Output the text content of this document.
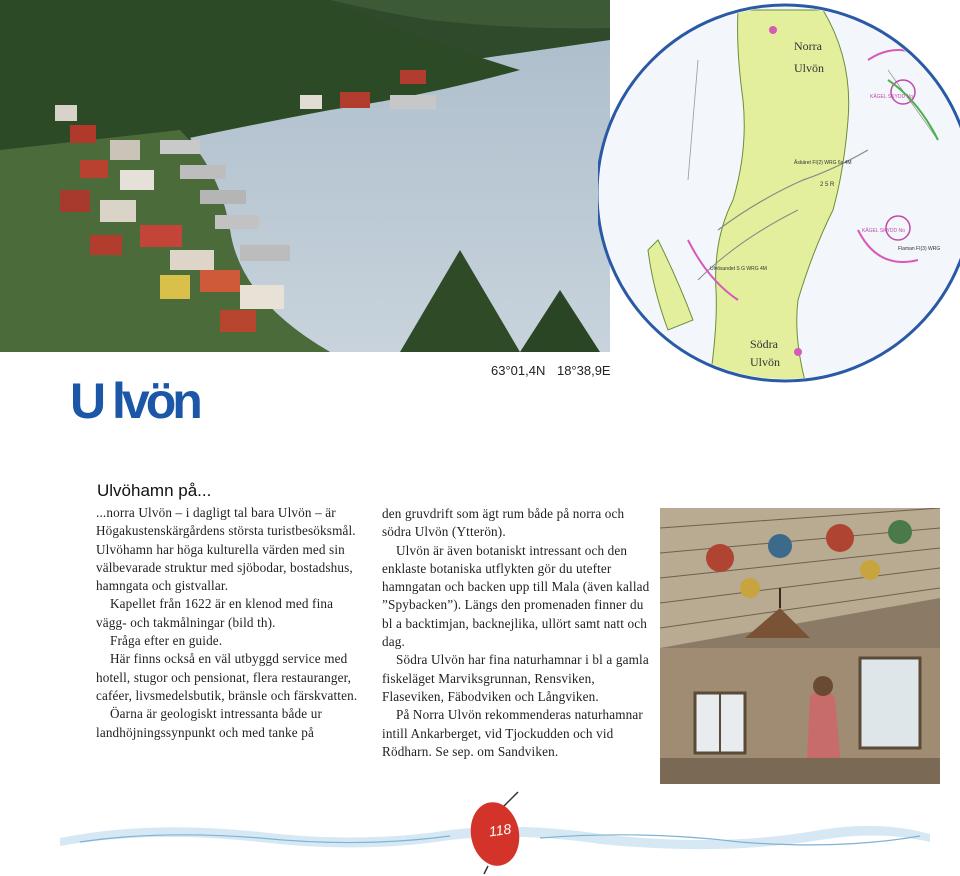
Norra
Ulvön
Södra
Ulvön
KÄGEL SKYDD No
KÄGEL SKYDD No
Åskäret FI(2) WRG 6s 4M
Ulvösundet S G WRG 4M
2 5 R
Flaman FI(3) WRG
63°01,4N 18°38,9E
U lvön
Ulvöhamn på...

...norra Ulvön – i dagligt tal bara Ulvön – är Högakustenskärgårdens största turistbesöksmål. Ulvöhamn har höga kulturella värden med sin välbevarade struktur med sjöbodar, bostadshus, hamngata och gistvallar.

Kapellet från 1622 är en klenod med fina vägg- och takmålningar (bild th).

Fråga efter en guide.

Här finns också en väl utbyggd service med hotell, stugor och pensionat, flera restauranger, caféer, livsmedelsbutik, bränsle och färskvatten.

Öarna är geologiskt intressanta både ur landhöjningssynpunkt och med tanke på

den gruvdrift som ägt rum både på norra och södra Ulvön (Ytterön).

Ulvön är även botaniskt intressant och den enklaste botaniska utflykten gör du utefter hamngatan och backen upp till Mala (även kallad ”Spybacken”). Längs den promenaden finner du bl a backtimjan, backnejlika, ullört samt natt och dag.

Södra Ulvön har fina naturhamnar i bl a gamla fiskeläget Marviksgrunnan, Rensviken, Flaseviken, Fäbodviken och Långviken.

På Norra Ulvön rekommenderas naturhamnar intill Ankarberget, vid Tjockudden och vid Rödharn. Se sep. om Sandviken.

118
